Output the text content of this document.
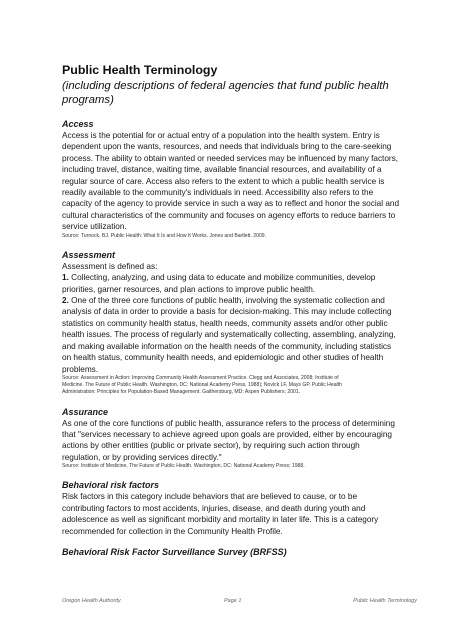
Public Health Terminology

(including descriptions of federal agencies that fund public health programs)

Access

Access is the potential for or actual entry of a population into the health system. Entry is
dependent upon the wants, resources, and needs that individuals bring to the care-seeking
process. The ability to obtain wanted or needed services may be influenced by many factors,
including travel, distance, waiting time, available financial resources, and availability of a
regular source of care. Access also refers to the extent to which a public health service is
readily available to the community's individuals in need. Accessibility also refers to the
capacity of the agency to provide service in such a way as to reflect and honor the social and
cultural characteristics of the community and focuses on agency efforts to reduce barriers to
service utilization.

Source: Turnock, BJ. Public Health: What It Is and How It Works. Jones and Bartlett. 2009.

Assessment

Assessment is defined as:
1. Collecting, analyzing, and using data to educate and mobilize communities, develop
priorities, garner resources, and plan actions to improve public health.
2. One of the three core functions of public health, involving the systematic collection and
analysis of data in order to provide a basis for decision-making. This may include collecting
statistics on community health status, health needs, community assets and/or other public
health issues. The process of regularly and systematically collecting, assembling, analyzing,
and making available information on the health needs of the community, including statistics
on health status, community health needs, and epidemiologic and other studies of health
problems.
Source: Assessment in Action: Improving Community Health Assessment Practice. Clegg and Associates, 2008; Institute of
Medicine. The Future of Public Health. Washington, DC: National Academy Press, 1988); Novick LF, Mays GP. Public Health
Administration: Principles for Population-Based Management. Gaithersburg, MD: Aspen Publishers; 2001.

Assurance

As one of the core functions of public health, assurance refers to the process of determining
that "services necessary to achieve agreed upon goals are provided, either by encouraging
actions by other entities (public or private sector), by requiring such action through
regulation, or by providing services directly."

Source: Institute of Medicine, The Future of Public Health. Washington, DC: National Academy Press; 1988.

Behavioral risk factors

Risk factors in this category include behaviors that are believed to cause, or to be
contributing factors to most accidents, injuries, disease, and death during youth and
adolescence as well as significant morbidity and mortality in later life. This is a category
recommended for collection in the Community Health Profile.

Behavioral Risk Factor Surveillance Survey (BRFSS)

Oregon Health Authority	Page 1	Public Health Terminology
